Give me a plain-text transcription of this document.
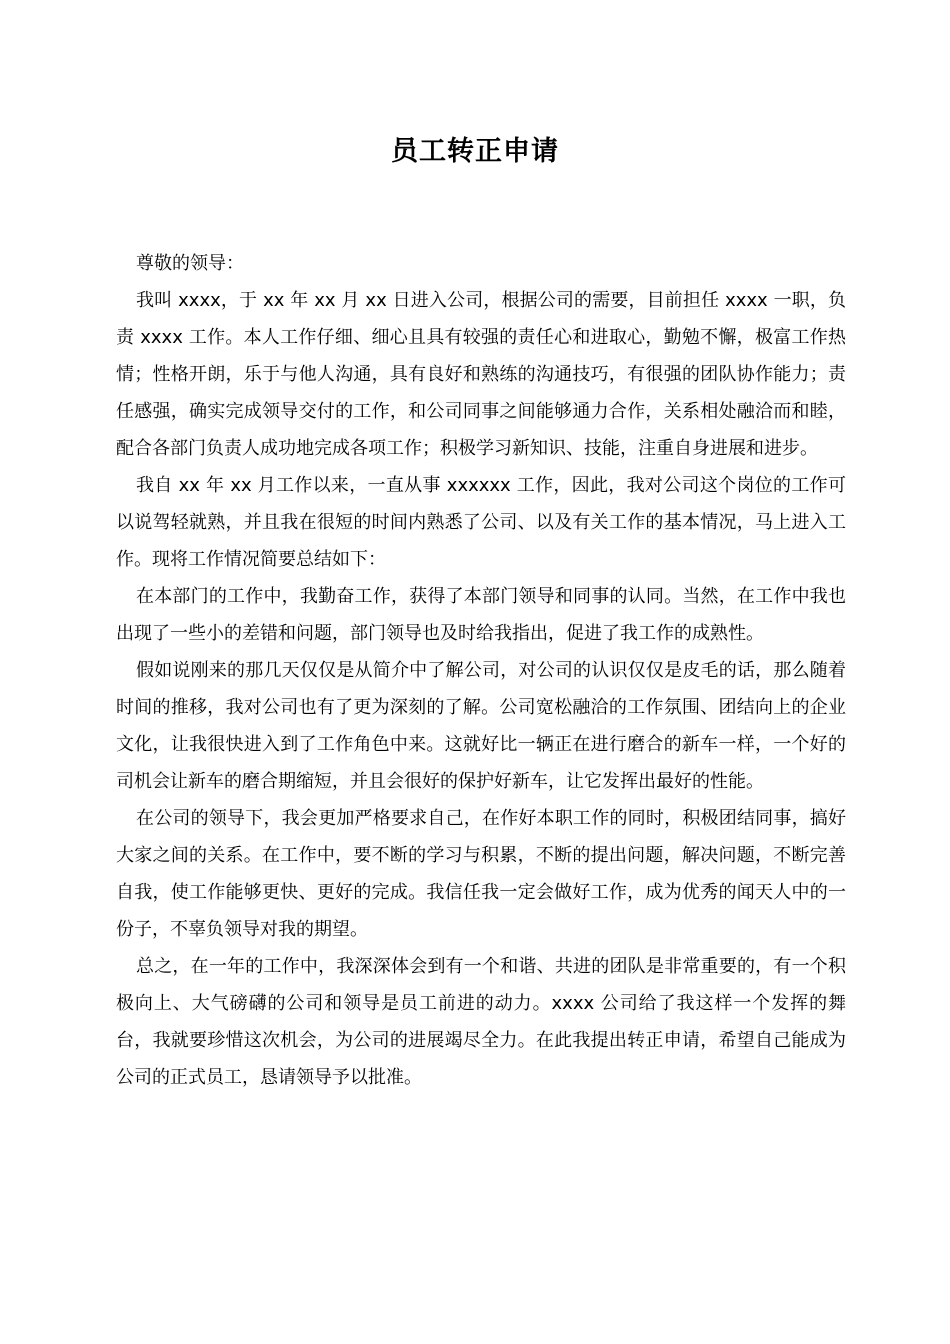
员工转正申请

尊敬的领导：

我叫 xxxx，于 xx 年 xx 月 xx 日进入公司，根据公司的需要，目前担任 xxxx 一职，负责 xxxx 工作。本人工作仔细、细心且具有较强的责任心和进取心，勤勉不懈，极富工作热情；性格开朗，乐于与他人沟通，具有良好和熟练的沟通技巧，有很强的团队协作能力；责任感强，确实完成领导交付的工作，和公司同事之间能够通力合作，关系相处融洽而和睦，配合各部门负责人成功地完成各项工作；积极学习新知识、技能，注重自身进展和进步。

我自 xx 年 xx 月工作以来，一直从事 xxxxxx 工作，因此，我对公司这个岗位的工作可以说驾轻就熟，并且我在很短的时间内熟悉了公司、以及有关工作的基本情况，马上进入工作。现将工作情况简要总结如下：

在本部门的工作中，我勤奋工作，获得了本部门领导和同事的认同。当然，在工作中我也出现了一些小的差错和问题，部门领导也及时给我指出，促进了我工作的成熟性。

假如说刚来的那几天仅仅是从简介中了解公司，对公司的认识仅仅是皮毛的话，那么随着时间的推移，我对公司也有了更为深刻的了解。公司宽松融洽的工作氛围、团结向上的企业文化，让我很快进入到了工作角色中来。这就好比一辆正在进行磨合的新车一样，一个好的司机会让新车的磨合期缩短，并且会很好的保护好新车，让它发挥出最好的性能。

在公司的领导下，我会更加严格要求自己，在作好本职工作的同时，积极团结同事，搞好大家之间的关系。在工作中，要不断的学习与积累，不断的提出问题，解决问题，不断完善自我，使工作能够更快、更好的完成。我信任我一定会做好工作，成为优秀的闻天人中的一份子，不辜负领导对我的期望。

总之，在一年的工作中，我深深体会到有一个和谐、共进的团队是非常重要的，有一个积极向上、大气磅礴的公司和领导是员工前进的动力。xxxx 公司给了我这样一个发挥的舞台，我就要珍惜这次机会，为公司的进展竭尽全力。在此我提出转正申请，希望自己能成为公司的正式员工，恳请领导予以批准。
